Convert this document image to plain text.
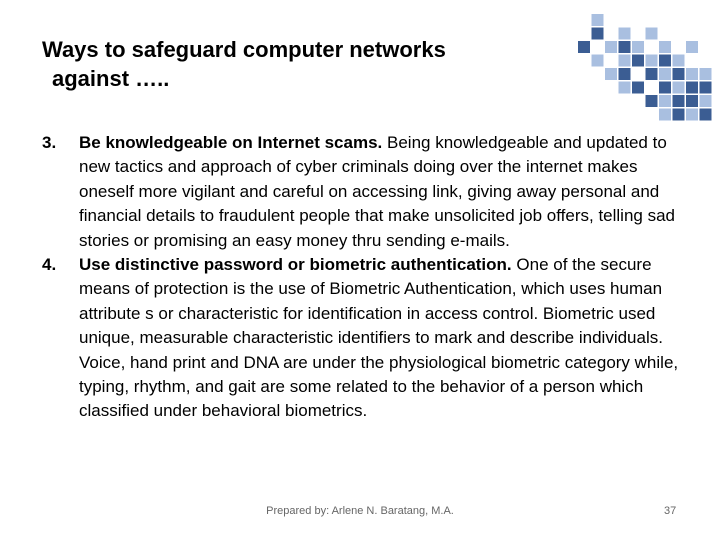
Ways to safeguard computer networks
against …..
3.	Be knowledgeable on Internet scams. Being knowledgeable and updated to new tactics and approach of cyber criminals doing over the internet makes oneself more vigilant and careful on accessing link, giving away personal and financial details to fraudulent people that make unsolicited job offers, telling sad stories or promising an easy money thru sending e-mails.
4.	Use distinctive password or biometric authentication. One of the secure means of protection is the use of Biometric Authentication, which uses human attribute s or characteristic for identification in access control. Biometric used unique, measurable characteristic identifiers to mark and describe individuals. Voice, hand print and DNA are under the physiological biometric category while, typing, rhythm, and gait are some related to the behavior of a person which classified under behavioral biometrics.
Prepared by: Arlene N. Baratang, M.A.	37
